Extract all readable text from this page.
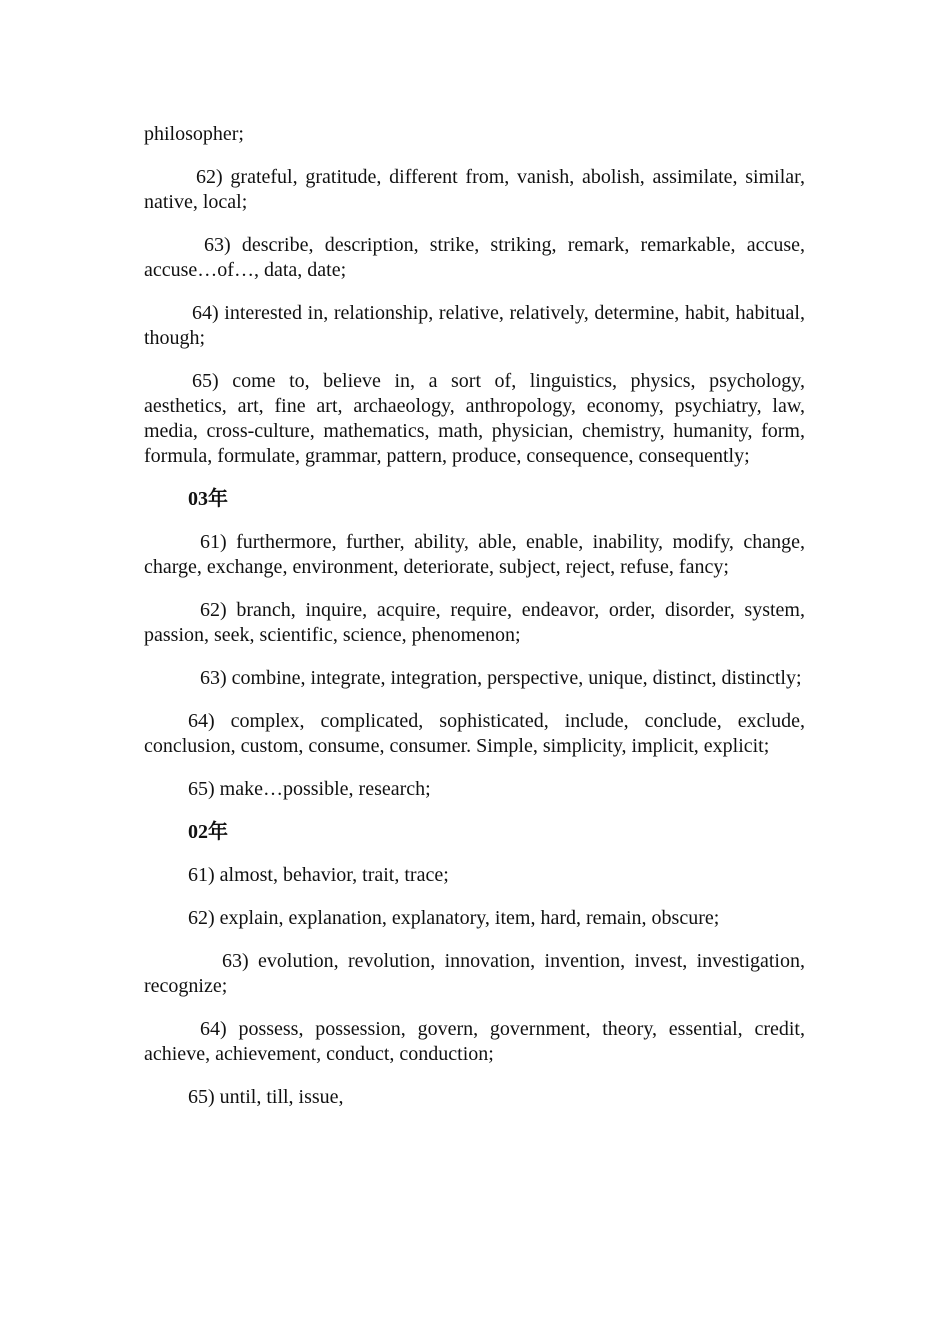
philosopher;

62) grateful, gratitude, different from, vanish, abolish, assimilate, similar, native, local;

63) describe, description, strike, striking, remark, remarkable, accuse, accuse…of…, data, date;

64) interested in, relationship, relative, relatively, determine, habit, habitual, though;

65) come to, believe in, a sort of, linguistics, physics, psychology, aesthetics, art, fine art, archaeology, anthropology, economy, psychiatry, law, media, cross-culture, mathematics, math, physician, chemistry, humanity, form, formula, formulate, grammar, pattern, produce, consequence, consequently;

03年

61) furthermore, further, ability, able, enable, inability, modify, change, charge, exchange, environment, deteriorate, subject, reject, refuse, fancy;

62) branch, inquire, acquire, require, endeavor, order, disorder, system, passion, seek, scientific, science, phenomenon;

63) combine, integrate, integration, perspective, unique, distinct, distinctly;

64) complex, complicated, sophisticated, include, conclude, exclude, conclusion, custom, consume, consumer. Simple, simplicity, implicit, explicit;

65) make…possible, research;

02年

61) almost, behavior, trait, trace;

62) explain, explanation, explanatory, item, hard, remain, obscure;

63) evolution, revolution, innovation, invention, invest, investigation, recognize;

64) possess, possession, govern, government, theory, essential, credit, achieve, achievement, conduct, conduction;

65) until, till, issue,
